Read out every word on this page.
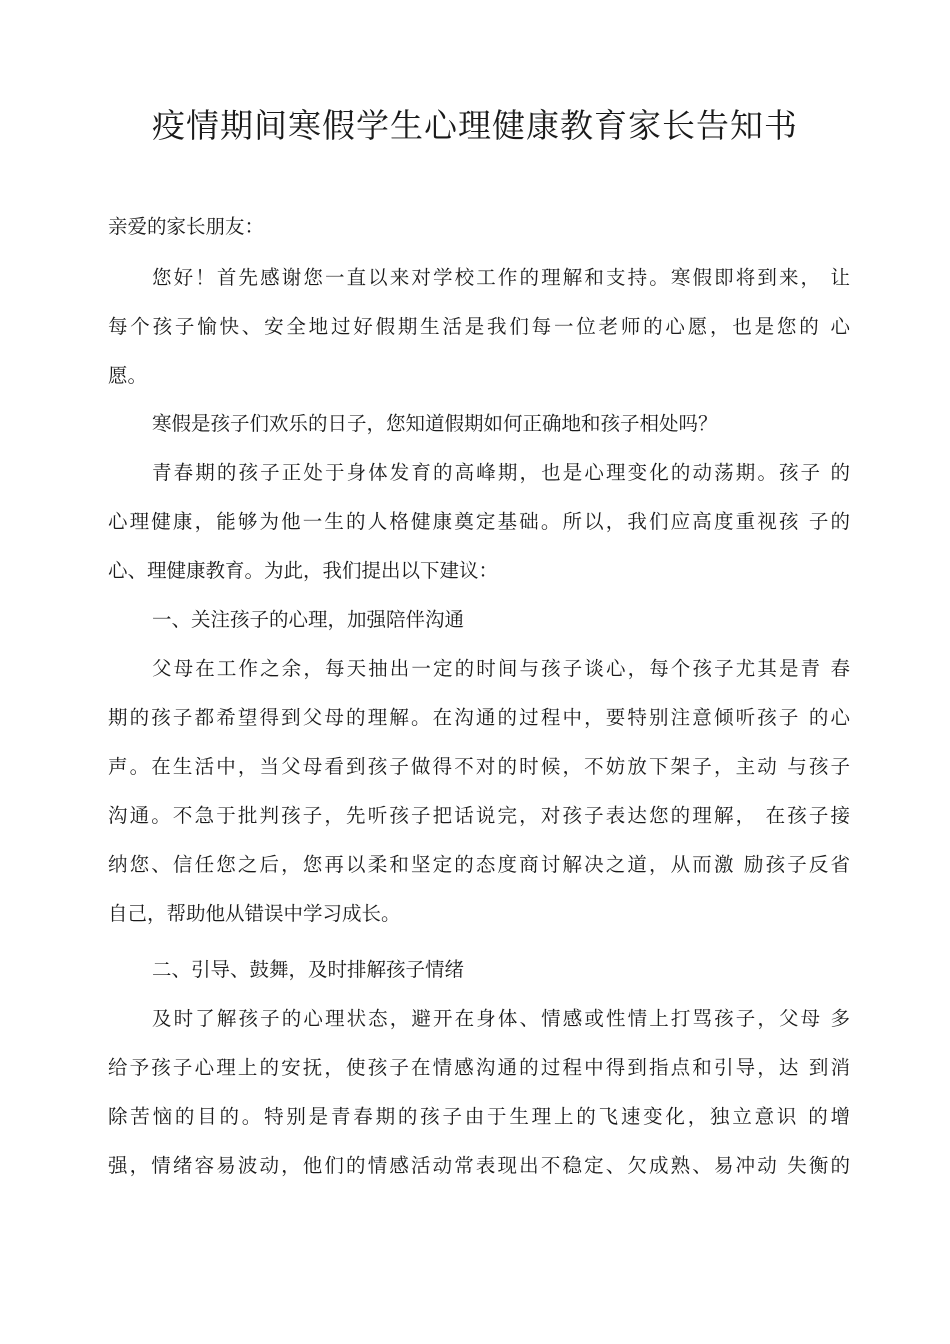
疫情期间寒假学生心理健康教育家长告知书

亲爱的家长朋友：

您好！首先感谢您一直以来对学校工作的理解和支持。寒假即将到来， 让

每个孩子愉快、安全地过好假期生活是我们每一位老师的心愿，也是您的 心

愿。

寒假是孩子们欢乐的日子，您知道假期如何正确地和孩子相处吗？

青春期的孩子正处于身体发育的高峰期，也是心理变化的动荡期。孩子 的

心理健康，能够为他一生的人格健康奠定基础。所以，我们应高度重视孩 子的

心、理健康教育。为此，我们提出以下建议：

一、关注孩子的心理，加强陪伴沟通

父母在工作之余，每天抽出一定的时间与孩子谈心，每个孩子尤其是青 春

期的孩子都希望得到父母的理解。在沟通的过程中，要特别注意倾听孩子 的心

声。在生活中，当父母看到孩子做得不对的时候，不妨放下架子，主动 与孩子

沟通。不急于批判孩子，先听孩子把话说完，对孩子表达您的理解， 在孩子接

纳您、信任您之后，您再以柔和坚定的态度商讨解决之道，从而激 励孩子反省

自己，帮助他从错误中学习成长。

二、引导、鼓舞，及时排解孩子情绪

及时了解孩子的心理状态，避开在身体、情感或性情上打骂孩子，父母 多

给予孩子心理上的安抚，使孩子在情感沟通的过程中得到指点和引导，达 到消

除苦恼的目的。特别是青春期的孩子由于生理上的飞速变化，独立意识 的增

强，情绪容易波动，他们的情感活动常表现出不稳定、欠成熟、易冲动 失衡的
